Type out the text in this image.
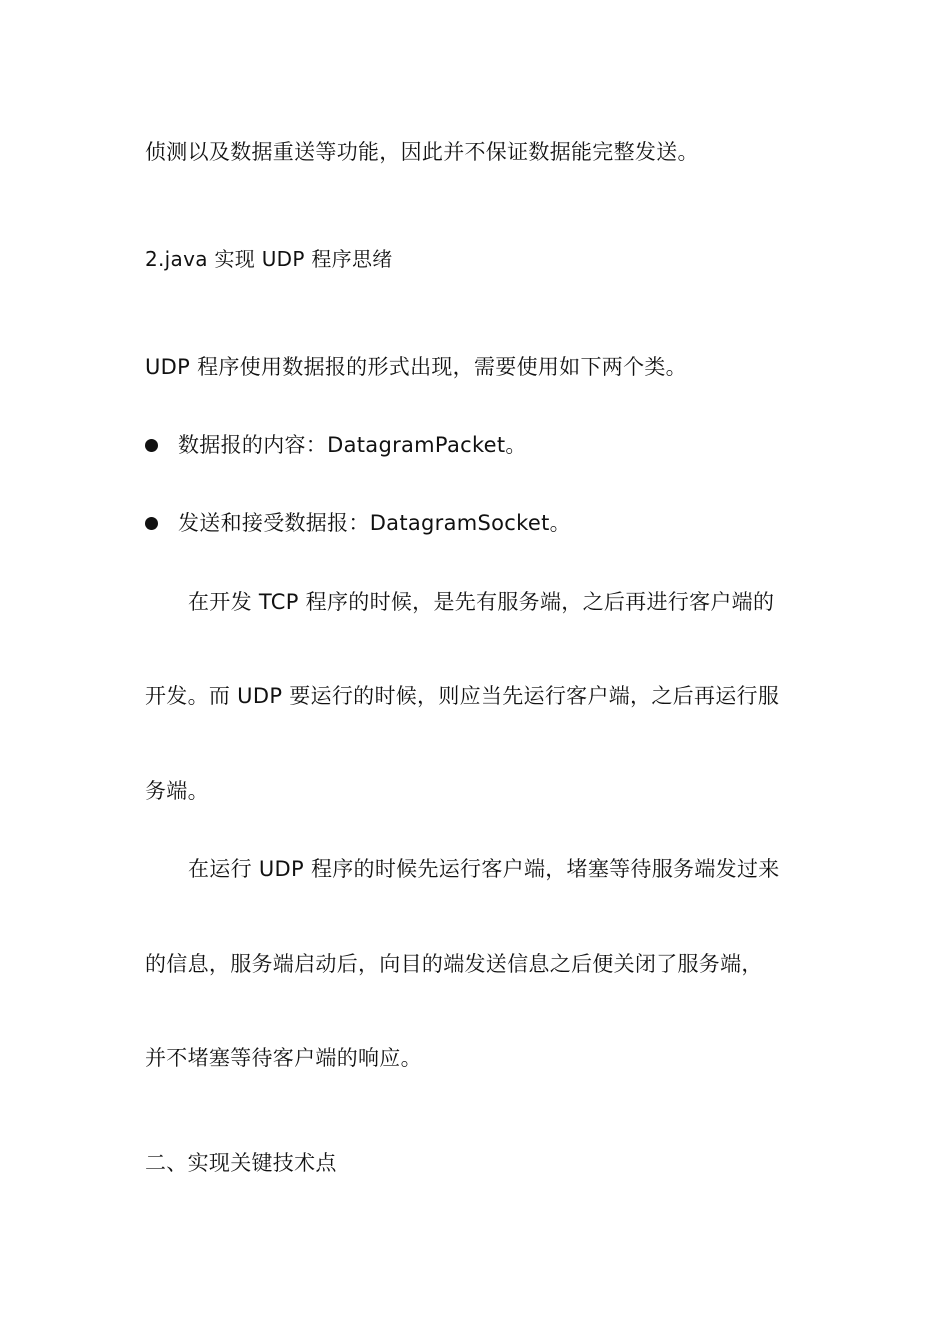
侦测以及数据重送等功能，因此并不保证数据能完整发送。
2.java 实现 UDP 程序思绪
UDP 程序使用数据报的形式出现，需要使用如下两个类。
数据报的内容：DatagramPacket。
发送和接受数据报：DatagramSocket。
在开发 TCP 程序的时候，是先有服务端，之后再进行客户端的
开发。而 UDP 要运行的时候，则应当先运行客户端，之后再运行服
务端。
在运行 UDP 程序的时候先运行客户端，堵塞等待服务端发过来
的信息，服务端启动后，向目的端发送信息之后便关闭了服务端，
并不堵塞等待客户端的响应。
二、实现关键技术点
